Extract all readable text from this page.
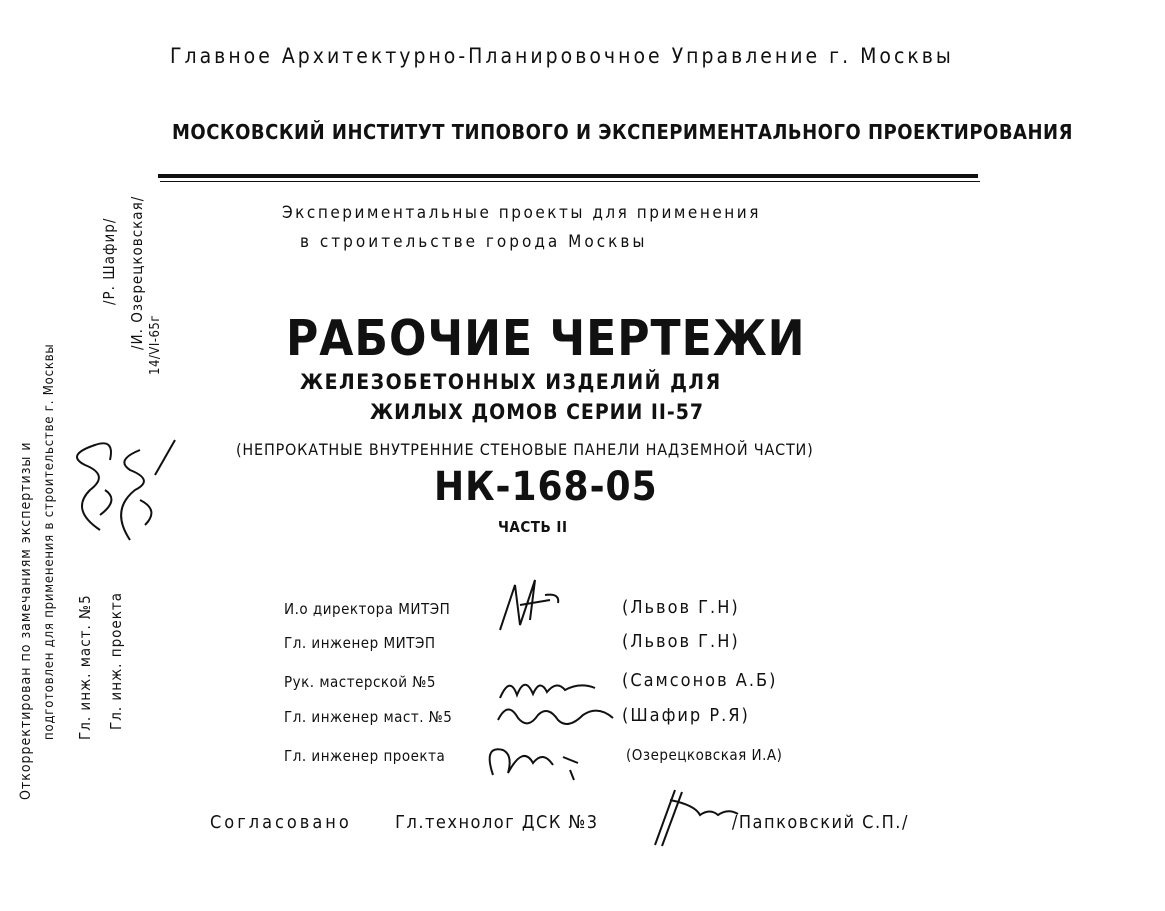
Главное Архитектурно-Планировочное Управление г. Москвы
МОСКОВСКИЙ ИНСТИТУТ ТИПОВОГО И ЭКСПЕРИМЕНТАЛЬНОГО ПРОЕКТИРОВАНИЯ
Экспериментальные проекты для применения
в строительстве города Москвы
РАБОЧИЕ ЧЕРТЕЖИ
ЖЕЛЕЗОБЕТОННЫХ ИЗДЕЛИЙ ДЛЯ
ЖИЛЫХ ДОМОВ СЕРИИ II-57
(НЕПРОКАТНЫЕ ВНУТРЕННИЕ СТЕНОВЫЕ ПАНЕЛИ НАДЗЕМНОЙ ЧАСТИ)
НК-168-05
ЧАСТЬ II
И.о директора МИТЭП	(Львов Г.Н)
Гл. инженер МИТЭП	(Львов Г.Н)
Рук. мастерской №5	(Самсонов А.Б)
Гл. инженер маст. №5	(Шафир Р.Я)
Гл. инженер проекта	(Озерецковская И.А)
Согласовано Гл.технолог ДСК №3	/Папковский С.П./
Откорректирован по замечаниям экспертизы и подготовлен для применения в строительстве г. Москвы Гл. инж. маст. №5 Гл. инж. проекта
/Р. Шафир/ /И. Озерецковская/ 14/VI-65г
